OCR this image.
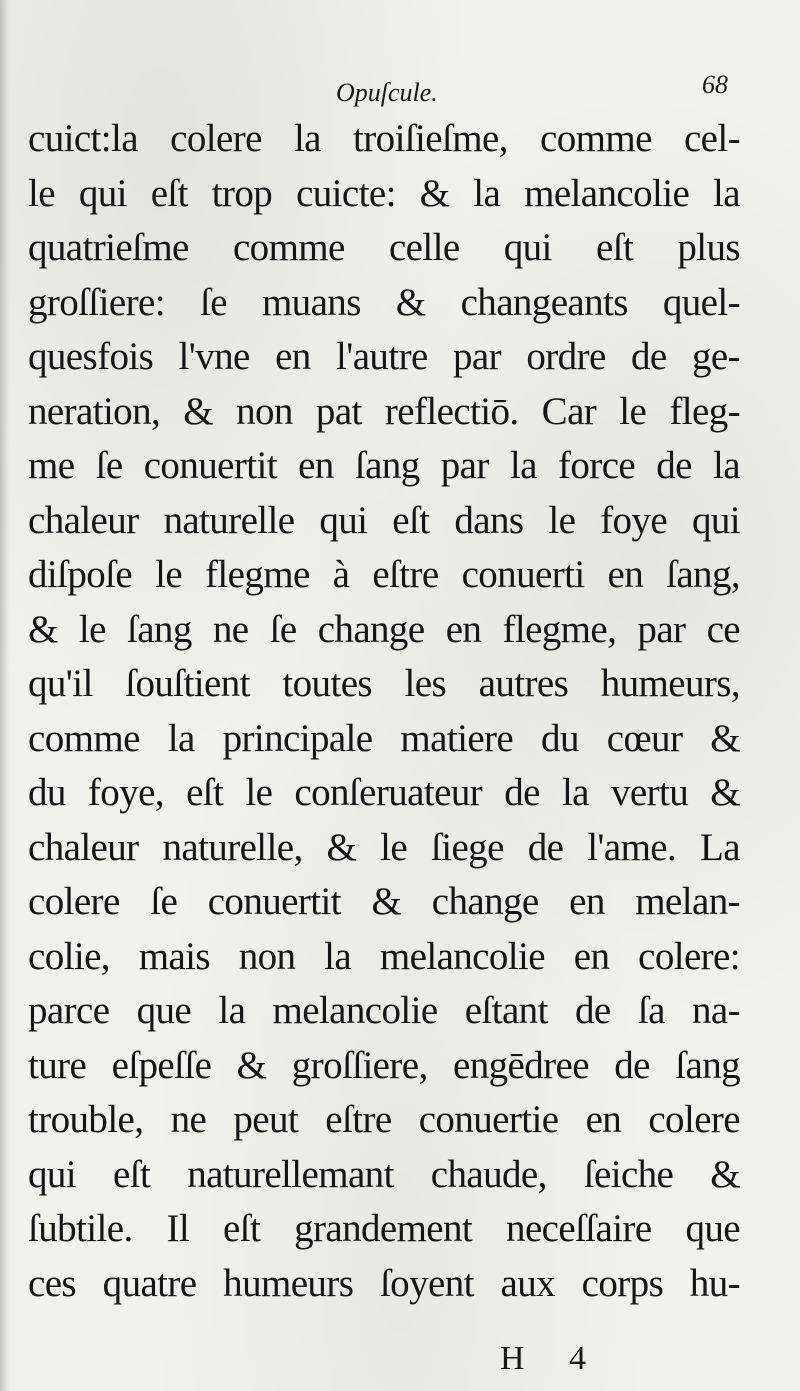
Opuſcule.	68
cuict:la colere la troiſieſme, comme cel-
le qui eſt trop cuicte: & la melancolie la
quatrieſme comme celle qui eſt plus
groſſiere: ſe muans & changeants quel-
quesfois l'vne en l'autre par ordre de ge-
neration, & non pat reflectiō. Car le fleg-
me ſe conuertit en ſang par la force de la
chaleur naturelle qui eſt dans le foye qui
diſpoſe le flegme à eſtre conuerti en ſang,
& le ſang ne ſe change en flegme, par ce
qu'il ſouſtient toutes les autres humeurs,
comme la principale matiere du cœur &
du foye, eſt le conſeruateur de la vertu &
chaleur naturelle, & le ſiege de l'ame. La
colere ſe conuertit & change en melan-
colie, mais non la melancolie en colere:
parce que la melancolie eſtant de ſa na-
ture eſpeſſe & groſſiere, engēdree de ſang
trouble, ne peut eſtre conuertie en colere
qui eſt naturellemant chaude, ſeiche &
ſubtile. Il eſt grandement neceſſaire que
ces quatre humeurs ſoyent aux corps hu-
H 4
